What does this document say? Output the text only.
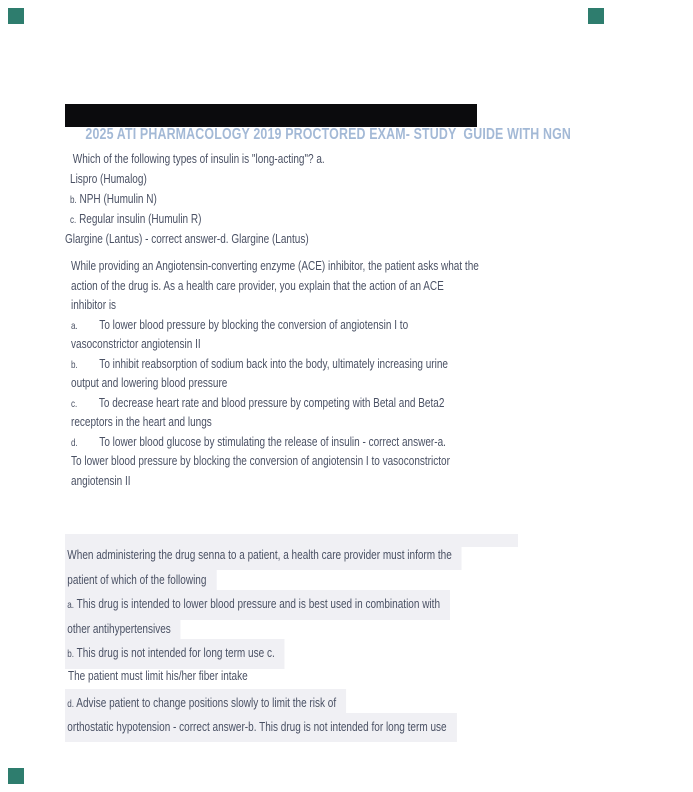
2025 ATI PHARMACOLOGY 2019 PROCTORED EXAM- STUDY  GUIDE WITH NGN

Which of the following types of insulin is "long-acting"? a.
Lispro (Humalog)
b. NPH (Humulin N)
c. Regular insulin (Humulin R)
Glargine (Lantus) - correct answer-d. Glargine (Lantus)
While providing an Angiotensin-converting enzyme (ACE) inhibitor, the patient asks what the
action of the drug is. As a health care provider, you explain that the action of an ACE
inhibitor is
a. To lower blood pressure by blocking the conversion of angiotensin I to
vasoconstrictor angiotensin II
b. To inhibit reabsorption of sodium back into the body, ultimately increasing urine
output and lowering blood pressure
c. To decrease heart rate and blood pressure by competing with Betal and Beta2
receptors in the heart and lungs
d. To lower blood glucose by stimulating the release of insulin - correct answer-a.
To lower blood pressure by blocking the conversion of angiotensin I to vasoconstrictor
angiotensin II
When administering the drug senna to a patient, a health care provider must inform the
patient of which of the following
a. This drug is intended to lower blood pressure and is best used in combination with
other antihypertensives
b. This drug is not intended for long term use c.
The patient must limit his/her fiber intake
d. Advise patient to change positions slowly to limit the risk of
orthostatic hypotension - correct answer-b. This drug is not intended for long term use
